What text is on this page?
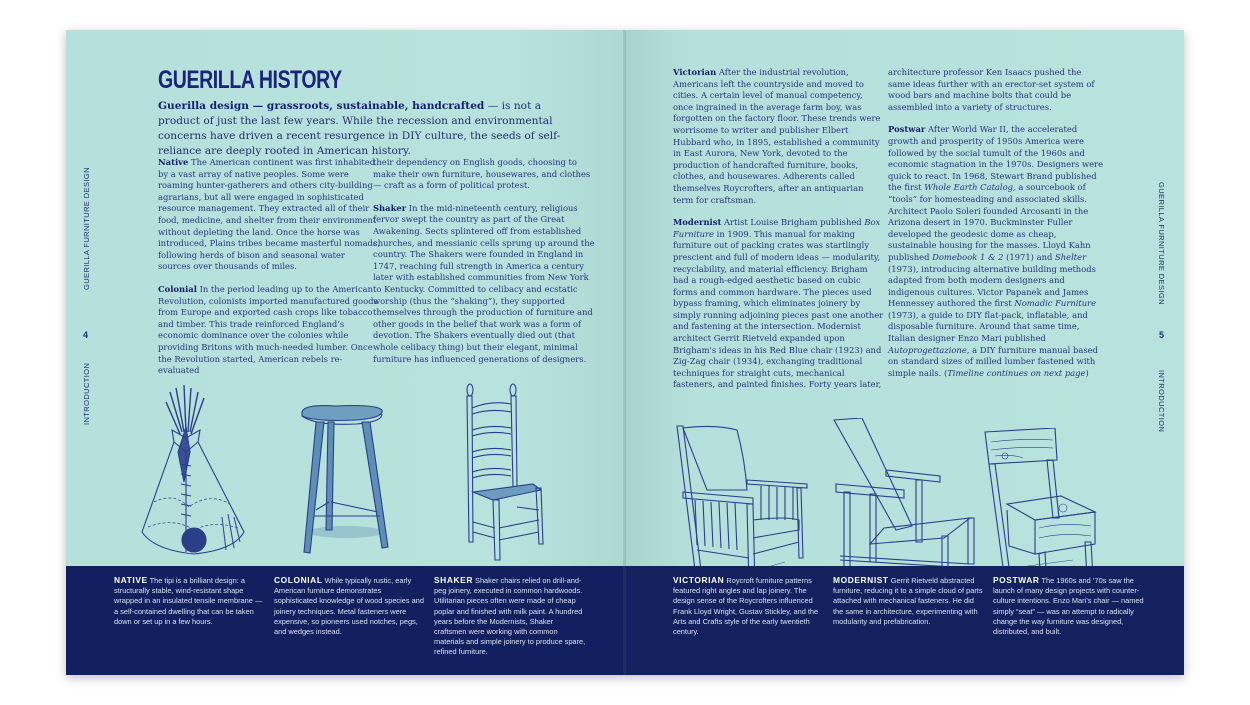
GUERILLA FURNITURE DESIGN
4
INTRODUCTION
GUERILLA HISTORY
Guerilla design — grassroots, sustainable, handcrafted — is not a product of just the last few years. While the recession and environmental concerns have driven a recent resurgence in DIY culture, the seeds of self-reliance are deeply rooted in American history.

Native The American continent was first inhabited by a vast array of native peoples. Some were roaming hunter-gatherers and others city-building agrarians, but all were engaged in sophisticated resource management. They extracted all of their food, medicine, and shelter from their environment without depleting the land. Once the horse was introduced, Plains tribes became masterful nomads, following herds of bison and seasonal water sources over thousands of miles.

Colonial In the period leading up to the American Revolution, colonists imported manufactured goods from Europe and exported cash crops like tobacco and timber. This trade reinforced England’s economic dominance over the colonies while providing Britons with much-needed lumber. Once the Revolution started, American rebels re-evaluated

their dependency on English goods, choosing to make their own furniture, housewares, and clothes — craft as a form of political protest.

Shaker In the mid-nineteenth century, religious fervor swept the country as part of the Great Awakening. Sects splintered off from established churches, and messianic cells sprung up around the country. The Shakers were founded in England in 1747, reaching full strength in America a century later with established communities from New York to Kentucky. Committed to celibacy and ecstatic worship (thus the “shaking”), they supported themselves through the production of furniture and other goods in the belief that work was a form of devotion. The Shakers eventually died out (that whole celibacy thing) but their elegant, minimal furniture has influenced generations of designers.

NATIVE The tipi is a brilliant design: a structurally stable, wind-resistant shape wrapped in an insulated tensile membrane — a self-contained dwelling that can be taken down or set up in a few hours.
COLONIAL While typically rustic, early American furniture demonstrates sophisticated knowledge of wood species and joinery techniques. Metal fasteners were expensive, so pioneers used notches, pegs, and wedges instead.
SHAKER Shaker chairs relied on drill-and-peg joinery, executed in common hardwoods. Utilitarian pieces often were made of cheap poplar and finished with milk paint. A hundred years before the Modernists, Shaker craftsmen were working with common materials and simple joinery to produce spare, refined furniture.
GUERILLA FURNITURE DESIGN
5
INTRODUCTION

Victorian After the industrial revolution, Americans left the countryside and moved to cities. A certain level of manual competency, once ingrained in the average farm boy, was forgotten on the factory floor. These trends were worrisome to writer and publisher Elbert Hubbard who, in 1895, established a community in East Aurora, New York, devoted to the production of handcrafted furniture, books, clothes, and housewares. Adherents called themselves Roycrofters, after an antiquarian term for craftsman.

Modernist Artist Louise Brigham published Box Furniture in 1909. This manual for making furniture out of packing crates was startlingly prescient and full of modern ideas — modularity, recyclability, and material efficiency. Brigham had a rough-edged aesthetic based on cubic forms and common hardware. The pieces used bypass framing, which eliminates joinery by simply running adjoining pieces past one another and fastening at the intersection. Modernist architect Gerrit Rietveld expanded upon Brigham's ideas in his Red Blue chair (1923) and Zig-Zag chair (1934), exchanging traditional techniques for straight cuts, mechanical fasteners, and painted finishes. Forty years later,

architecture professor Ken Isaacs pushed the same ideas further with an erector-set system of wood bars and machine bolts that could be assembled into a variety of structures.

Postwar After World War II, the accelerated growth and prosperity of 1950s America were followed by the social tumult of the 1960s and economic stagnation in the 1970s. Designers were quick to react. In 1968, Stewart Brand published the first Whole Earth Catalog, a sourcebook of “tools” for homesteading and associated skills. Architect Paolo Soleri founded Arcosanti in the Arizona desert in 1970. Buckminster Fuller developed the geodesic dome as cheap, sustainable housing for the masses. Lloyd Kahn published Domebook 1 & 2 (1971) and Shelter (1973), introducing alternative building methods adapted from both modern designers and indigenous cultures. Victor Papanek and James Hennessey authored the first Nomadic Furniture (1973), a guide to DIY flat-pack, inflatable, and disposable furniture. Around that same time, Italian designer Enzo Mari published Autoprogettazione, a DIY furniture manual based on standard sizes of milled lumber fastened with simple nails. (Timeline continues on next page)

VICTORIAN Roycroft furniture patterns featured right angles and lap joinery. The design sense of the Roycrofters influenced Frank Lloyd Wright, Gustav Stickley, and the Arts and Crafts style of the early twentieth century.
MODERNIST Gerrit Rietveld abstracted furniture, reducing it to a simple cloud of parts attached with mechanical fasteners. He did the same in architecture, experimenting with modularity and prefabrication.
POSTWAR The 1960s and ’70s saw the launch of many design projects with counter-culture intentions. Enzo Mari’s chair — named simply “seat” — was an attempt to radically change the way furniture was designed, distributed, and built.
